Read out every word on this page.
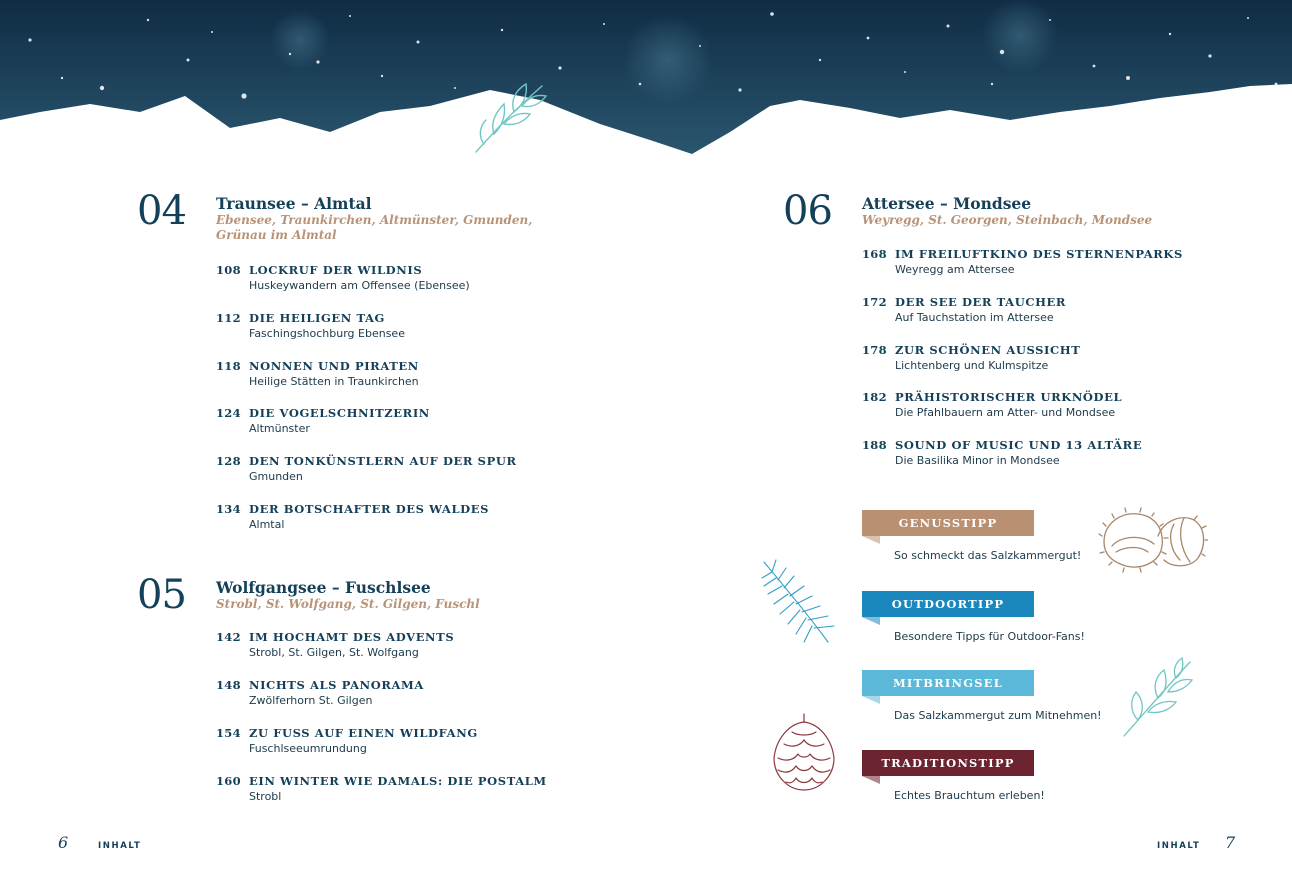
04 Traunsee – Almtal
Ebensee, Traunkirchen, Altmünster, Gmunden, Grünau im Almtal
108 LOCKRUF DER WILDNIS
Huskeywandern am Offensee (Ebensee)
112 DIE HEILIGEN TAG
Faschingshochburg Ebensee
118 NONNEN UND PIRATEN
Heilige Stätten in Traunkirchen
124 DIE VOGELSCHNITZERIN
Altmünster
128 DEN TONKÜNSTLERN AUF DER SPUR
Gmunden
134 DER BOTSCHAFTER DES WALDES
Almtal
05 Wolfgangsee – Fuschlsee
Strobl, St. Wolfgang, St. Gilgen, Fuschl
142 IM HOCHAMT DES ADVENTS
Strobl, St. Gilgen, St. Wolfgang
148 NICHTS ALS PANORAMA
Zwölferhorn St. Gilgen
154 ZU FUSS AUF EINEN WILDFANG
Fuschlseeumrundung
160 EIN WINTER WIE DAMALS: DIE POSTALM
Strobl
6	INHALT
06 Attersee – Mondsee
Weyregg, St. Georgen, Steinbach, Mondsee
168 IM FREILUFTKINO DES STERNENPARKS
Weyregg am Attersee
172 DER SEE DER TAUCHER
Auf Tauchstation im Attersee
178 ZUR SCHÖNEN AUSSICHT
Lichtenberg und Kulmspitze
182 PRÄHISTORISCHER URKNÖDEL
Die Pfahlbauern am Atter- und Mondsee
188 SOUND OF MUSIC UND 13 ALTÄRE
Die Basilika Minor in Mondsee
GENUSSTIPP
So schmeckt das Salzkammergut!
OUTDOORTIPP
Besondere Tipps für Outdoor-Fans!
MITBRINGSEL
Das Salzkammergut zum Mitnehmen!
TRADITIONSTIPP
Echtes Brauchtum erleben!
INHALT 7
